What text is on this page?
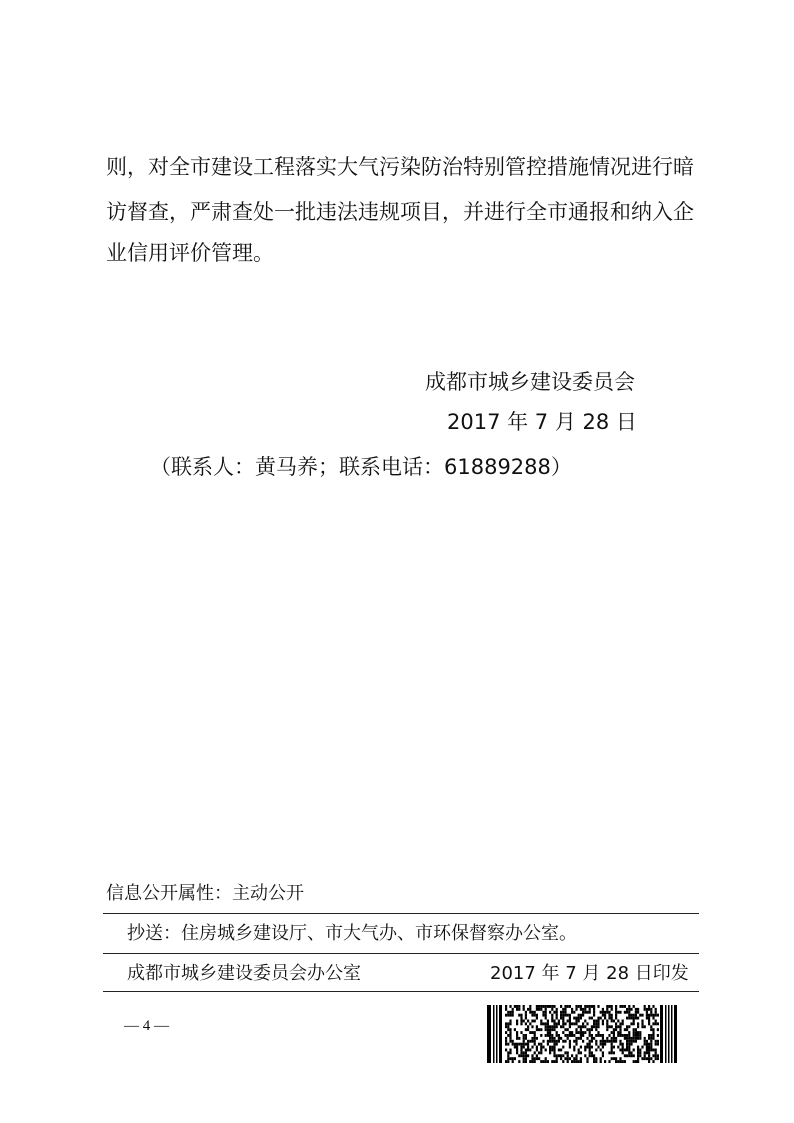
则，对全市建设工程落实大气污染防治特别管控措施情况进行暗
访督查，严肃查处一批违法违规项目，并进行全市通报和纳入企
业信用评价管理。
成都市城乡建设委员会
2017 年 7 月 28 日
（联系人：黄马养；联系电话：61889288）
信息公开属性：主动公开
抄送：住房城乡建设厅、市大气办、市环保督察办公室。
成都市城乡建设委员会办公室	2017 年 7 月 28 日印发
— 4 —
